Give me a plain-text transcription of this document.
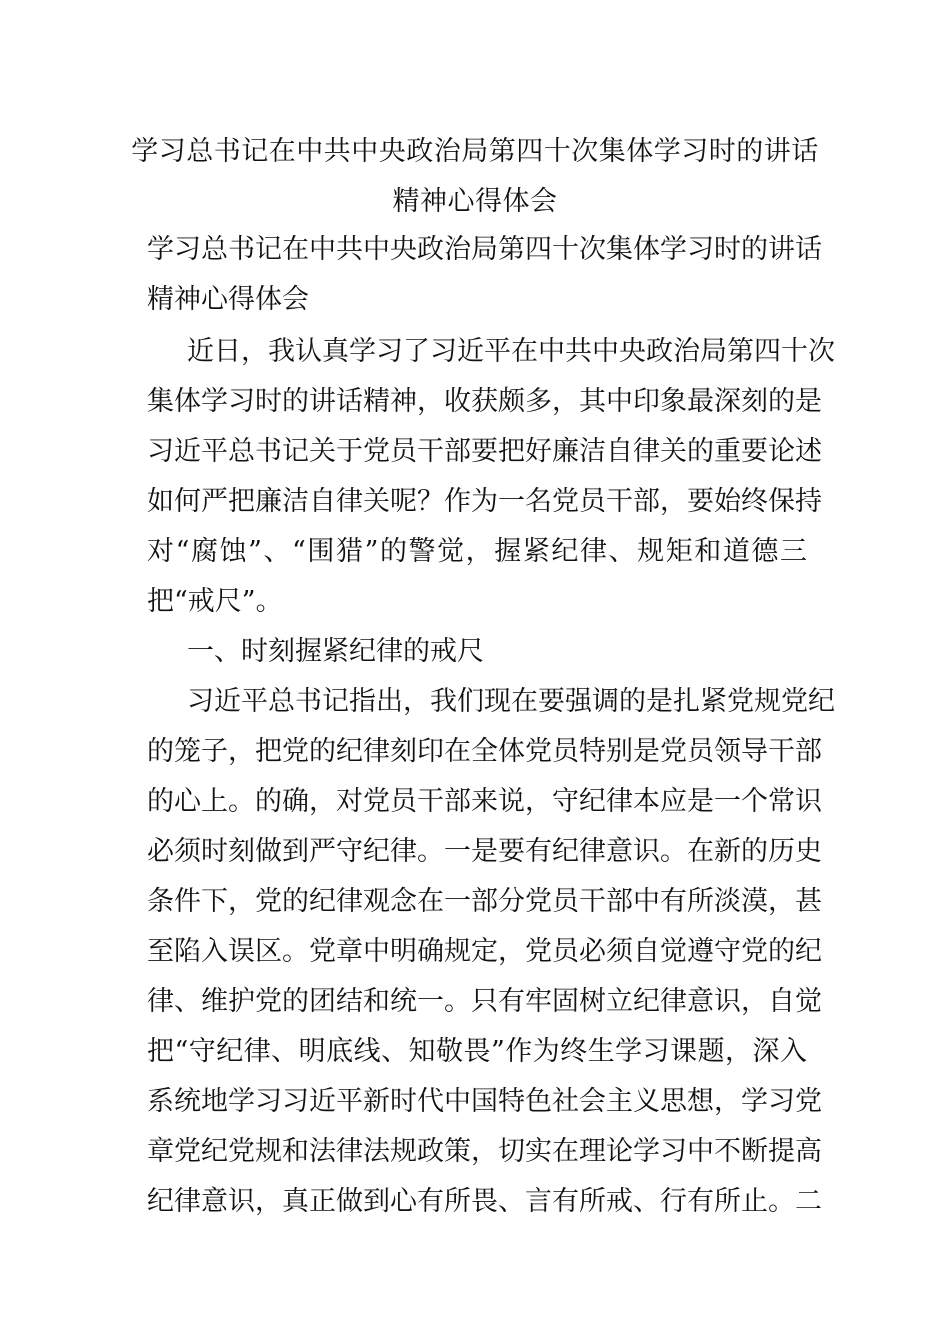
学习总书记在中共中央政治局第四十次集体学习时的讲话
精神心得体会
学习总书记在中共中央政治局第四十次集体学习时的讲话
精神心得体会
近日，我认真学习了习近平在中共中央政治局第四十次
集体学习时的讲话精神，收获颇多，其中印象最深刻的是
习近平总书记关于党员干部要把好廉洁自律关的重要论述
如何严把廉洁自律关呢？作为一名党员干部，要始终保持
对“腐蚀”、“围猎”的警觉，握紧纪律、规矩和道德三
把“戒尺”。
一、时刻握紧纪律的戒尺
习近平总书记指出，我们现在要强调的是扎紧党规党纪
的笼子，把党的纪律刻印在全体党员特别是党员领导干部
的心上。的确，对党员干部来说，守纪律本应是一个常识
必须时刻做到严守纪律。一是要有纪律意识。在新的历史
条件下，党的纪律观念在一部分党员干部中有所淡漠，甚
至陷入误区。党章中明确规定，党员必须自觉遵守党的纪
律、维护党的团结和统一。只有牢固树立纪律意识，自觉
把“守纪律、明底线、知敬畏”作为终生学习课题，深入
系统地学习习近平新时代中国特色社会主义思想，学习党
章党纪党规和法律法规政策，切实在理论学习中不断提高
纪律意识，真正做到心有所畏、言有所戒、行有所止。二
